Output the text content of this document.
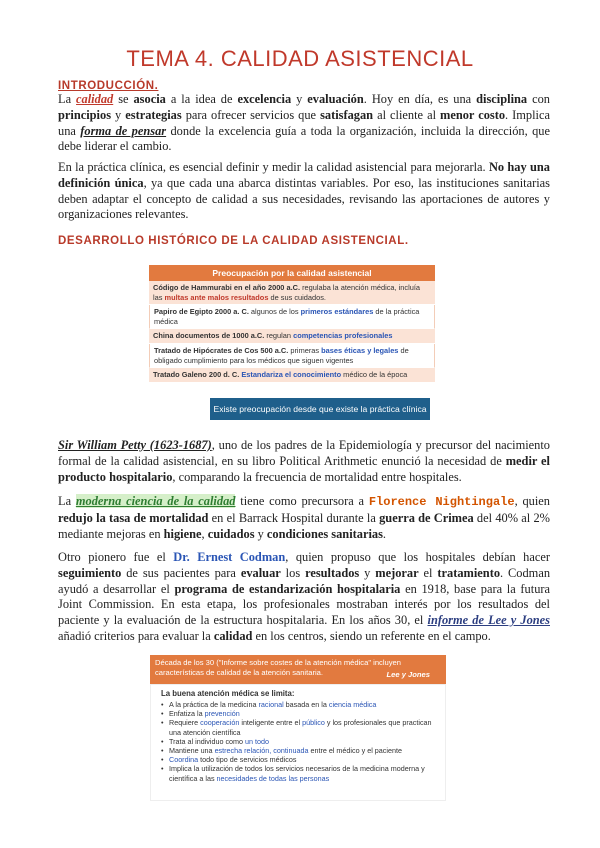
TEMA 4. CALIDAD ASISTENCIAL
INTRODUCCIÓN.

La calidad se asocia a la idea de excelencia y evaluación. Hoy en día, es una disciplina con principios y estrategias para ofrecer servicios que satisfagan al cliente al menor costo. Implica una forma de pensar donde la excelencia guía a toda la organización, incluida la dirección, que debe liderar el cambio.

En la práctica clínica, es esencial definir y medir la calidad asistencial para mejorarla. No hay una definición única, ya que cada una abarca distintas variables. Por eso, las instituciones sanitarias deben adaptar el concepto de calidad a sus necesidades, revisando las aportaciones de autores y organizaciones relevantes.

DESARROLLO HISTÓRICO DE LA CALIDAD ASISTENCIAL.
Preocupación por la calidad asistencial
Código de Hammurabi en el año 2000 a.C. regulaba la atención médica, incluía las multas ante malos resultados de sus cuidados.
Papiro de Egipto 2000 a. C. algunos de los primeros estándares de la práctica médica
China documentos de 1000 a.C. regulan competencias profesionales
Tratado de Hipócrates de Cos 500 a.C. primeras bases éticas y legales de obligado cumplimiento para los médicos que siguen vigentes
Tratado Galeno 200 d. C. Estandariza el conocimiento médico de la época
Existe preocupación desde que existe la práctica clínica

Sir William Petty (1623-1687), uno de los padres de la Epidemiología y precursor del nacimiento formal de la calidad asistencial, en su libro Political Arithmetic enunció la necesidad de medir el producto hospitalario, comparando la frecuencia de mortalidad entre hospitales.

La moderna ciencia de la calidad tiene como precursora a Florence Nightingale, quien redujo la tasa de mortalidad en el Barrack Hospital durante la guerra de Crimea del 40% al 2% mediante mejoras en higiene, cuidados y condiciones sanitarias.

Otro pionero fue el Dr. Ernest Codman, quien propuso que los hospitales debían hacer seguimiento de sus pacientes para evaluar los resultados y mejorar el tratamiento. Codman ayudó a desarrollar el programa de estandarización hospitalaria en 1918, base para la futura Joint Commission. En esta etapa, los profesionales mostraban interés por los resultados del paciente y la evaluación de la estructura hospitalaria. En los años 30, el informe de Lee y Jones añadió criterios para evaluar la calidad en los centros, siendo un referente en el campo.

Década de los 30 ("Informe sobre costes de la atención médica" incluyen características de calidad de la atención sanitaria.	Lee y Jones
La buena atención médica se limita:
• A la práctica de la medicina racional basada en la ciencia médica
• Enfatiza la prevención
• Requiere cooperación inteligente entre el público y los profesionales que practican una atención científica
• Trata al individuo como un todo
• Mantiene una estrecha relación, continuada entre el médico y el paciente
• Coordina todo tipo de servicios médicos
• Implica la utilización de todos los servicios necesarios de la medicina moderna y científica a las necesidades de todas las personas
